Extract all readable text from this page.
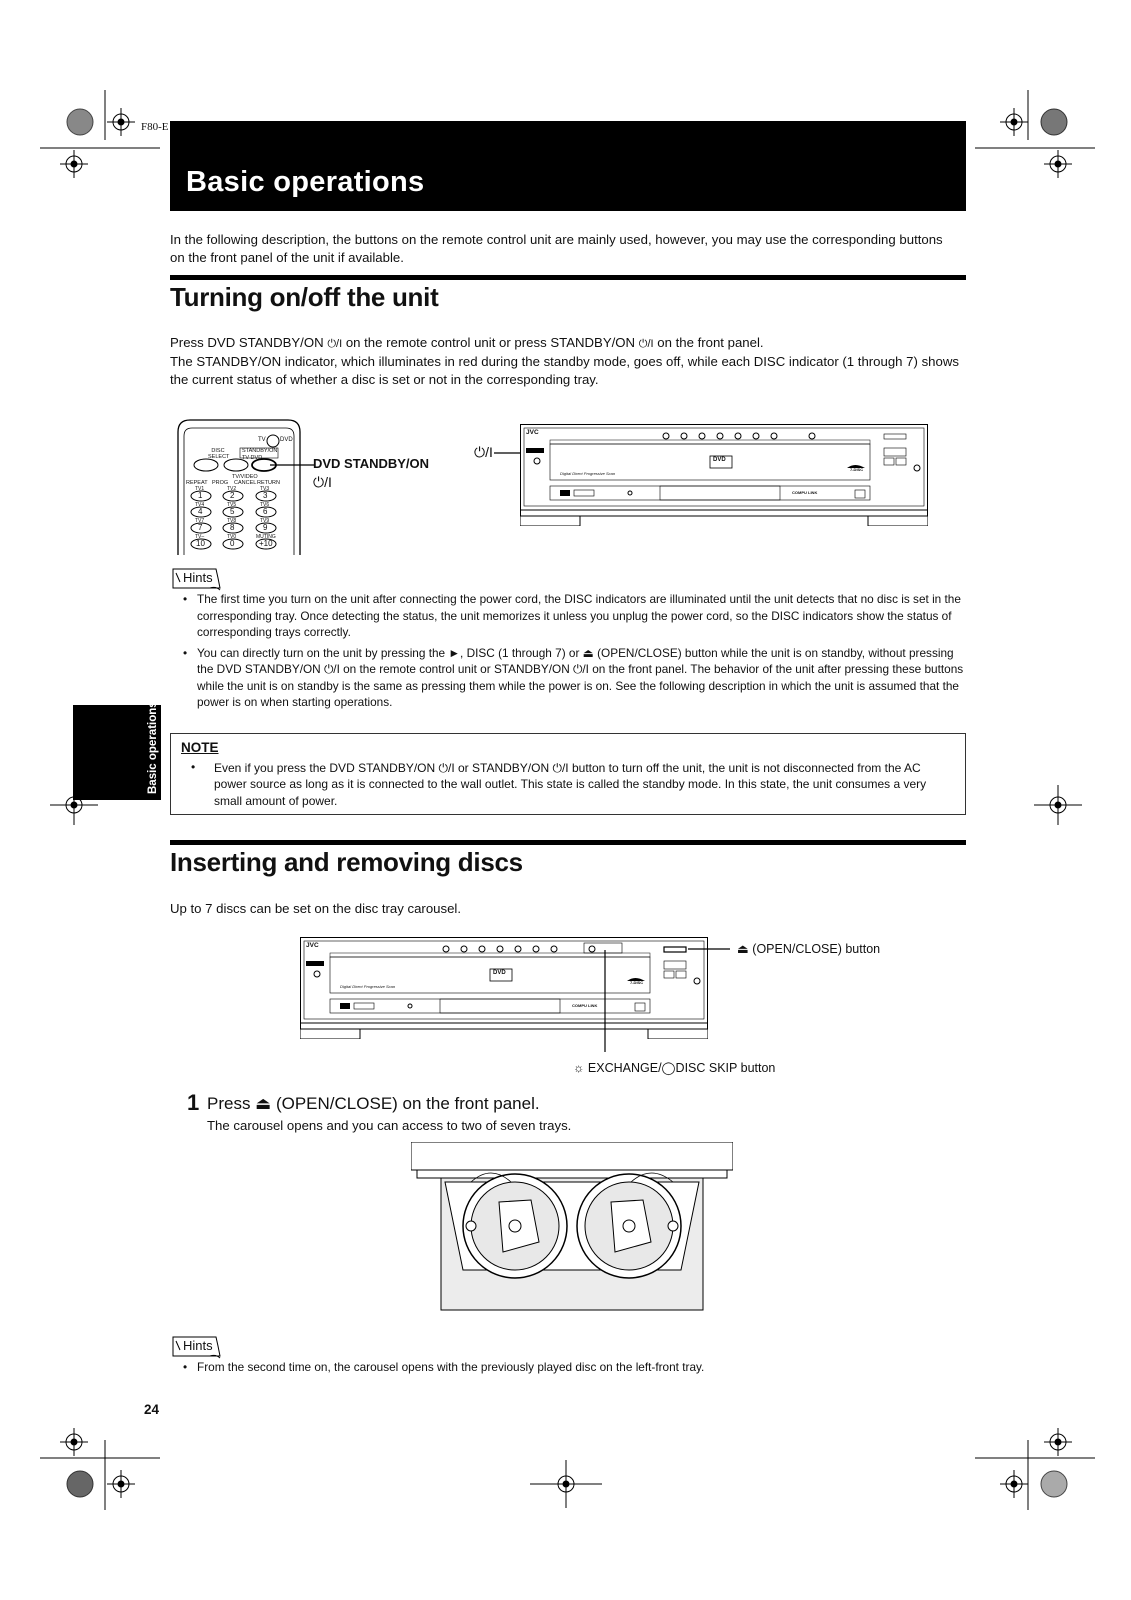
F80-E
Basic operations
In the following description, the buttons on the remote control unit are mainly used, however, you may use the corresponding buttons on the front panel of the unit if available.
Turning on/off the unit
Press DVD STANDBY/ON ⏻/I on the remote control unit or press STANDBY/ON ⏻/I on the front panel.
The STANDBY/ON indicator, which illuminates in red during the standby mode, goes off, while each DISC indicator (1 through 7) shows the current status of whether a disc is set or not in the corresponding tray.
TV DVD
DISC SELECT
STANDBY/ON
TV DVD
REPEAT PROG
TV/VIDEO
CANCEL RETURN
TV1	TV2	TV3
1	2	3
TV4	TV5	TV6
4	5	6
TV7	TV8	TV9
7	8	9
TV–	TV0	MUTING
10	0	+10
DVD STANDBY/ON
⏻/I
⏻/I
JVC
Digital Direct Progressive Scan
DVD
7-DISC
COMPU LINK
Hints
• The first time you turn on the unit after connecting the power cord, the DISC indicators are illuminated until the unit detects that no disc is set in the corresponding tray. Once detecting the status, the unit memorizes it unless you unplug the power cord, so the DISC indicators show the status of corresponding trays correctly.
• You can directly turn on the unit by pressing the ►, DISC (1 through 7) or ⏏ (OPEN/CLOSE) button while the unit is on standby, without pressing the DVD STANDBY/ON ⏻/I on the remote control unit or STANDBY/ON ⏻/I on the front panel. The behavior of the unit after pressing these buttons while the unit is on standby is the same as pressing them while the power is on. See the following description in which the unit is assumed that the power is on when starting operations.
Basic operations NOTE
• Even if you press the DVD STANDBY/ON ⏻/I or STANDBY/ON ⏻/I button to turn off the unit, the unit is not disconnected from the AC power source as long as it is connected to the wall outlet. This state is called the standby mode. In this state, the unit consumes a very small amount of power.
Inserting and removing discs
Up to 7 discs can be set on the disc tray carousel.
JVC
Digital Direct Progressive Scan
DVD
7-DISC
COMPU LINK
⏏ (OPEN/CLOSE) button
☼ EXCHANGE/◯DISC SKIP button
1 Press ⏏ (OPEN/CLOSE) on the front panel.
The carousel opens and you can access to two of seven trays.
Hints
• From the second time on, the carousel opens with the previously played disc on the left-front tray.
24
